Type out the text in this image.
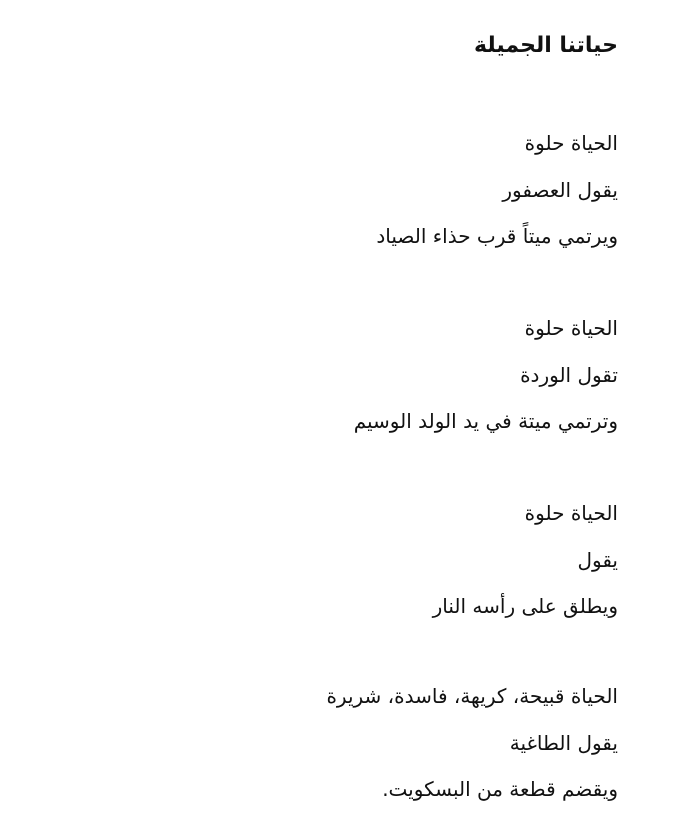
حياتنا الجميلة
الحياة حلوة
يقول العصفور
ويرتمي ميتاً قرب حذاء الصياد
الحياة حلوة
تقول الوردة
وترتمي ميتة في يد الولد الوسيم
الحياة حلوة
يقول
ويطلق على رأسه النار
الحياة قبيحة، كريهة، فاسدة، شريرة
يقول الطاغية
ويقضم قطعة من البسكويت.
